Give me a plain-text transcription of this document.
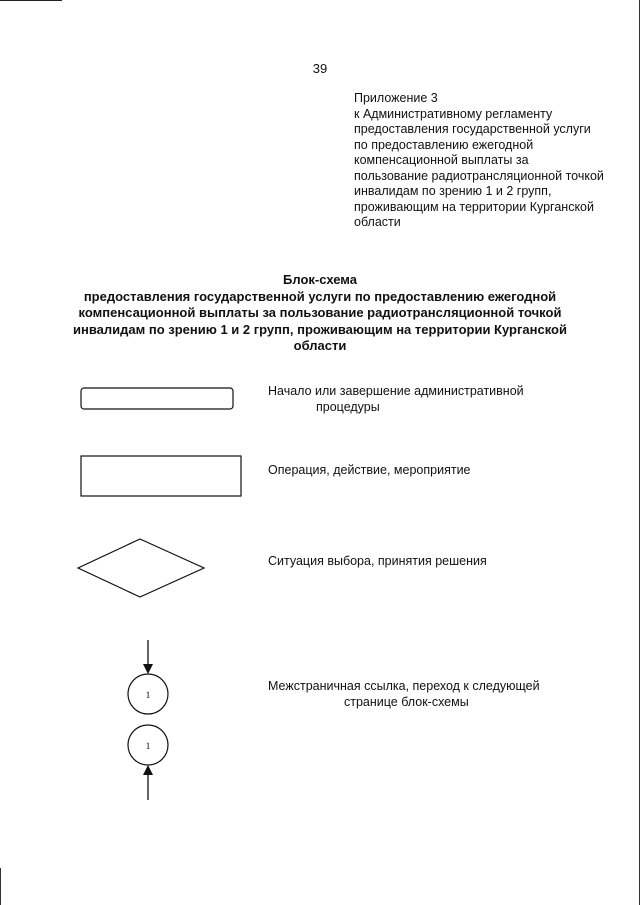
39
Приложение 3
к Административному регламенту
предоставления государственной услуги
по предоставлению ежегодной
компенсационной выплаты за
пользование радиотрансляционной точкой
инвалидам по зрению 1 и 2 групп,
проживающим на территории Курганской
области
Блок-схема
предоставления государственной услуги по предоставлению ежегодной
компенсационной выплаты за пользование радиотрансляционной точкой
инвалидам по зрению 1 и 2 групп, проживающим на территории Курганской
области
Начало или завершение административной
процедуры
Операция, действие, мероприятие
Ситуация выбора, принятия решения
1
1
Межстраничная ссылка, переход к следующей
странице блок-схемы
